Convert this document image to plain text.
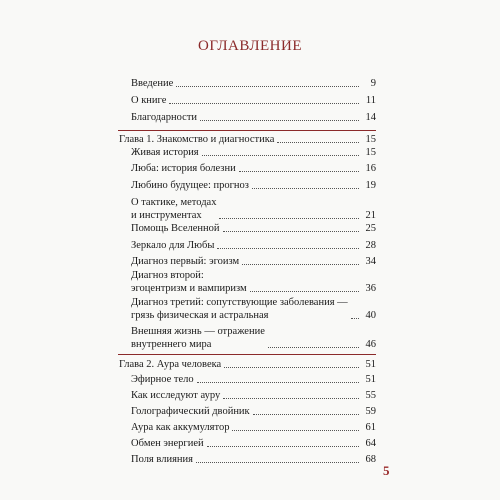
ОГЛАВЛЕНИЕ
Введение	9
О книге	11
Благодарности	14
Глава 1. Знакомство и диагностика	15
Живая история	15
Люба: история болезни	16
Любино будущее: прогноз	19
О тактике, методах
и инструментах	21
Помощь Вселенной	25
Зеркало для Любы	28
Диагноз первый: эгоизм	34
Диагноз второй:
эгоцентризм и вампиризм	36
Диагноз третий: сопутствующие заболевания —
грязь физическая и астральная	40
Внешняя жизнь — отражение
внутреннего мира	46
Глава 2. Аура человека	51
Эфирное тело	51
Как исследуют ауру	55
Голографический двойник	59
Аура как аккумулятор	61
Обмен энергией	64
Поля влияния	68
5
